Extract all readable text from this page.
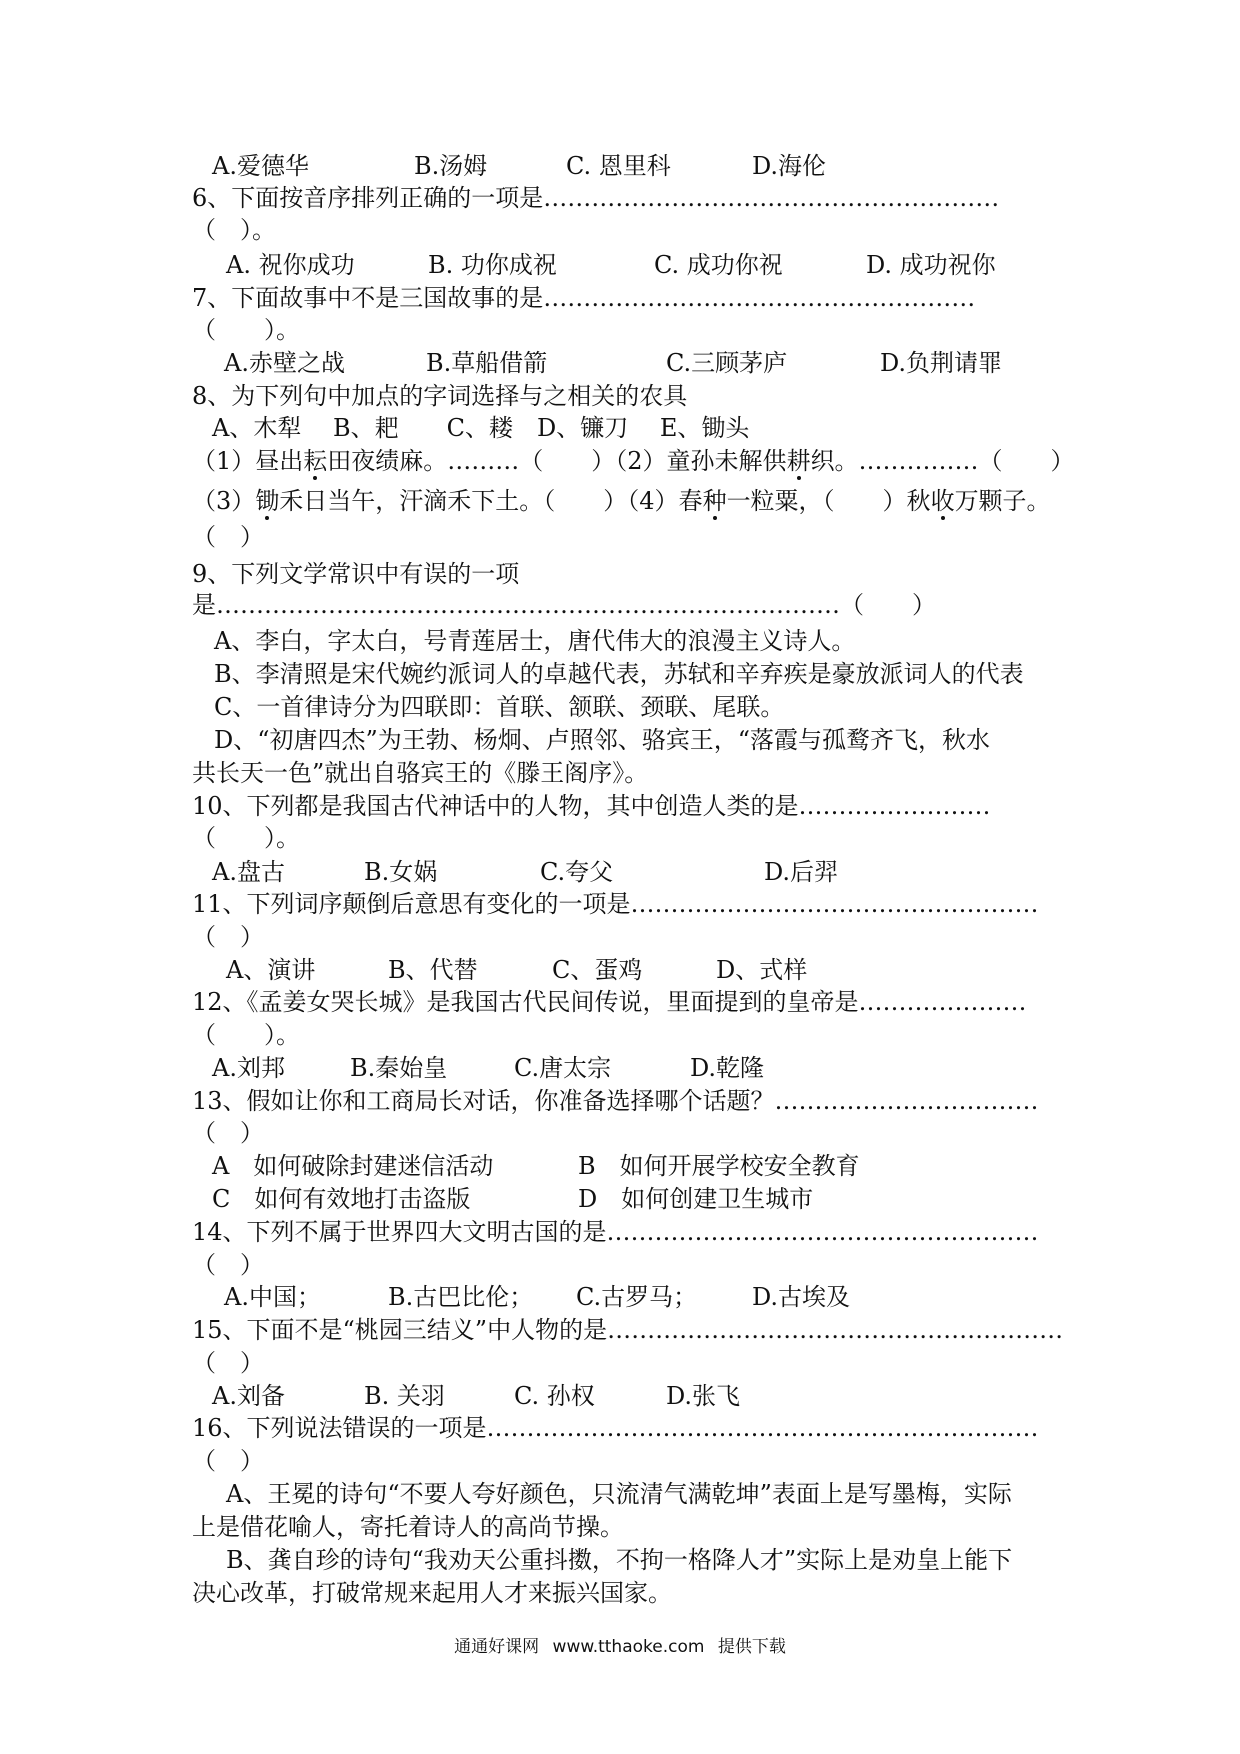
A.爱德华	B.汤姆	C. 恩里科	D.海伦
6、下面按音序排列正确的一项是…………………………………………………
（　）。
A. 祝你成功	B. 功你成祝	C. 成功你祝	D. 成功祝你
7、下面故事中不是三国故事的是………………………………………………
（　　）。
A.赤壁之战	B.草船借箭	C.三顾茅庐	D.负荆请罪
8、为下列句中加点的字词选择与之相关的农具
A、木犁　 B、耙　　C、耧　D、镰刀　 E、锄头
（1）昼出耘田夜绩麻。………（　　）（2）童孙未解供耕织。……………（　　）
（3）锄禾日当午，汗滴禾下土。（　　）（4）春种一粒粟，（　　）秋收万颗子。
（　）
9、下列文学常识中有误的一项
是……………………………………………………………………（　　）
A、李白，字太白，号青莲居士，唐代伟大的浪漫主义诗人。
B、李清照是宋代婉约派词人的卓越代表，苏轼和辛弃疾是豪放派词人的代表
C、一首律诗分为四联即：首联、颔联、颈联、尾联。
D、“初唐四杰”为王勃、杨炯、卢照邻、骆宾王，“落霞与孤鹜齐飞，秋水
共长天一色”就出自骆宾王的《滕王阁序》。
10、下列都是我国古代神话中的人物，其中创造人类的是……………………
（　　）。
A.盘古	B.女娲	C.夸父	D.后羿
11、下列词序颠倒后意思有变化的一项是……………………………………………
（　）
A、演讲	B、代替	C、蛋鸡	D、式样
12、《孟姜女哭长城》是我国古代民间传说，里面提到的皇帝是…………………
（　　）。
A.刘邦	B.秦始皇	C.唐太宗	D.乾隆
13、假如让你和工商局长对话，你准备选择哪个话题？……………………………
（　）
A　如何破除封建迷信活动	B　如何开展学校安全教育
C　如何有效地打击盗版	D　如何创建卫生城市
14、下列不属于世界四大文明古国的是………………………………………………
（　）
A.中国；	B.古巴比伦； C.古罗马； D.古埃及
15、下面不是“桃园三结义”中人物的是…………………………………………………
（　）
A.刘备	B. 关羽	C. 孙权	D.张飞
16、下列说法错误的一项是……………………………………………………………
（　）
A、王冕的诗句“不要人夸好颜色，只流清气满乾坤”表面上是写墨梅，实际
上是借花喻人，寄托着诗人的高尚节操。
B、龚自珍的诗句“我劝天公重抖擞，不拘一格降人才”实际上是劝皇上能下
决心改革，打破常规来起用人才来振兴国家。
通通好课网 www.tthaoke.com 提供下载
